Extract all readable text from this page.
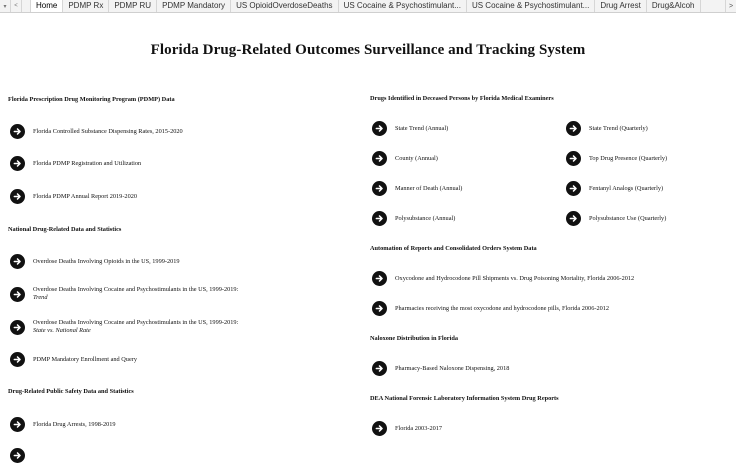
▾	<	Home	PDMP Rx	PDMP RU	PDMP Mandatory	US OpioidOverdoseDeaths	US Cocaine & Psychostimulant...	US Cocaine & Psychostimulant...	Drug Arrest	Drug&Alcoh	>
Florida Drug-Related Outcomes Surveillance and Tracking System
Florida Prescription Drug Monitoring Program (PDMP) Data
Florida Controlled Substance Dispensing Rates, 2015-2020
Florida PDMP Registration and Utilization
Florida PDMP Annual Report 2019-2020
National Drug-Related Data and Statistics
Overdose Deaths Involving Opioids in the US, 1999-2019
Overdose Deaths Involving Cocaine and Psychostimulants in the US, 1999-2019:
Trend
Overdose Deaths Involving Cocaine and Psychostimulants in the US, 1999-2019:
State vs. National Rate
PDMP Mandatory Enrollment and Query
Drug-Related Public Safety Data and Statistics
Florida Drug Arrests, 1998-2019
Drugs Identified in Deceased Persons by Florida Medical Examiners
State Trend (Annual)
County (Annual)
Manner of Death (Annual)
Polysubstance (Annual)
State Trend (Quarterly)
Top Drug Presence (Quarterly)
Fentanyl Analogs (Quarterly)
Polysubstance Use (Quarterly)
Automation of Reports and Consolidated Orders System Data
Oxycodone and Hydrocodone Pill Shipments vs. Drug Poisoning Mortality, Florida 2006-2012
Pharmacies receiving the most oxycodone and hydrocodone pills, Florida 2006-2012
Naloxone Distribution in Florida
Pharmacy-Based Naloxone Dispensing, 2018
DEA National Forensic Laboratory Information System Drug Reports
Florida 2003-2017
